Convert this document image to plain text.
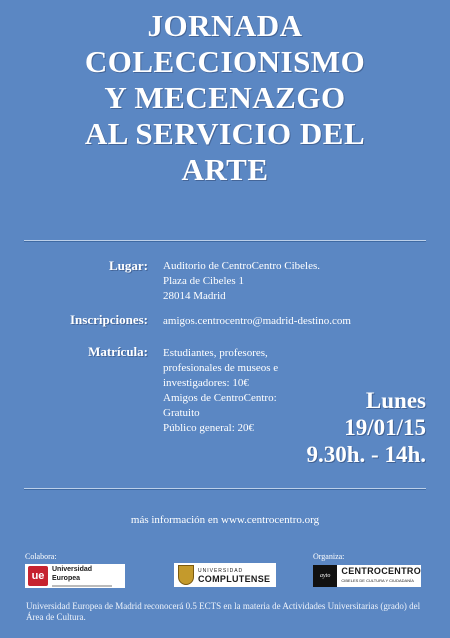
JORNADA
COLECCIONISMO
Y MECENAZGO
AL SERVICIO DEL
ARTE
Lugar: Auditorio de CentroCentro Cibeles.
Plaza de Cibeles 1
28014 Madrid
Inscripciones: amigos.centrocentro@madrid-destino.com
Matrícula: Estudiantes, profesores,
profesionales de museos e
investigadores: 10€
Amigos de CentroCentro:
Gratuito
Público general: 20€
Lunes
19/01/15
9.30h. - 14h.
más información en www.centrocentro.org
Colabora:	Organiza:
ue
Universidad
Europea
UNIVERSIDAD
COMPLUTENSE	ayto	CENTROCENTRO
CIBELES DE CULTURA Y CIUDADANÍA
Universidad Europea de Madrid reconocerá 0.5 ECTS en la materia de Actividades Universitarias (grado) del Área de Cultura.
